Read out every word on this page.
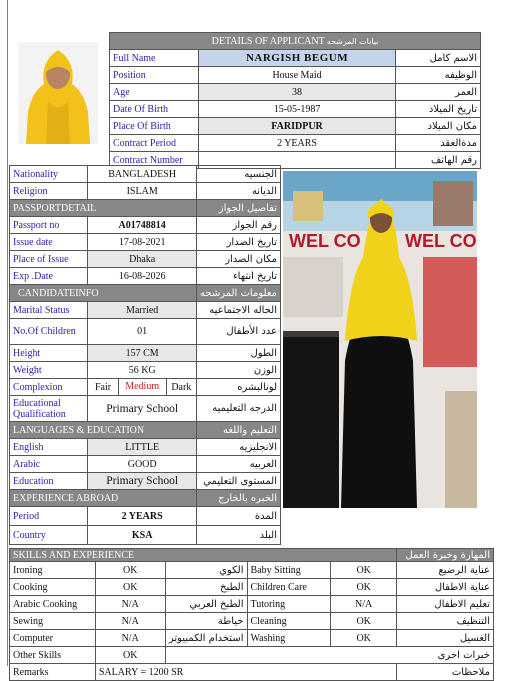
DETAILS OF APPLICANT بيانات المرشحه		
Full Name	NARGISH BEGUM	الاسم كامل
Position	House Maid	الوظيفه
Age	38	العمر
Date Of Birth	15-05-1987	تاريخ الميلاد
Place Of Birth	FARIDPUR	مكان الميلاد
Contract Period	2 YEARS	مدةالعقد
Contract Number		رقم الهاتف
Nationality	BANGLADESH	الجنسيه
Religion	ISLAM	الديانه
PASSPORTDETAIL		تفاصيل الجواز
Passport no	A01748814	رقم الجواز
Issue date	17-08-2021	تاريخ الصدار
Place of Issue	Dhaka	مكان الصدار
Exp .Date	16-08-2026	تاريخ انتهاء
CANDIDATEINFO		معلومات المرشحه
Marital Status	Married	الحاله الاجتماعيه
No.Of Children	01	عدد الأطفال
Height	157 CM	الطول
Weight	56 KG	الوزن
Complexion	Fair Medium Dark	لونالبشره
Educational Qualification	Primary School	الدرجه التعليميه
LANGUAGES & EDUCATION		التعليم واللغه
English	LITTLE	الانجليزيه
Arabic	GOOD	العربيه
Education	Primary School	المستوى التعليمي
EXPERIENCE ABROAD		الخبره بالخارج
Period	2 YEARS	المدة
Country	KSA	البلد
WEL CO WEL CO
SKILLS AND EXPERIENCE					المهارة وخبرة العمل
Ironing	OK	الكوي	Baby Sitting	OK	عناية الرضيع
Cooking	OK	الطبخ	Children Care	OK	عناية الاطفال
Arabic Cooking	N/A	الطبخ العربي	Tutoring	N/A	تعليم الاطفال
Sewing	N/A	خياطة	Cleaning	OK	التنظيف
Computer	N/A	استخدام الكمبيوتر	Washing	OK	الغسيل
Other Skills	OK	خبرات اخرى			
Remarks	SALARY = 1200 SR				ملاحظات
